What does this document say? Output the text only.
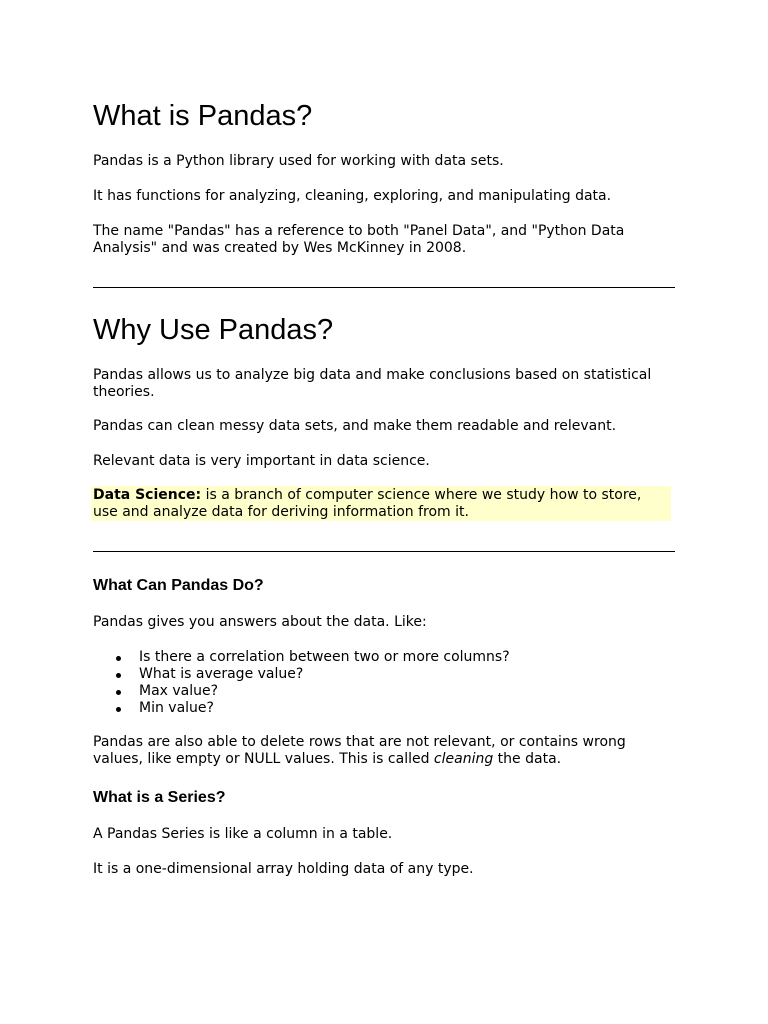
What is Pandas?

Pandas is a Python library used for working with data sets.

It has functions for analyzing, cleaning, exploring, and manipulating data.

The name "Pandas" has a reference to both "Panel Data", and "Python Data Analysis" and was created by Wes McKinney in 2008.

Why Use Pandas?

Pandas allows us to analyze big data and make conclusions based on statistical theories.

Pandas can clean messy data sets, and make them readable and relevant.

Relevant data is very important in data science.

Data Science: is a branch of computer science where we study how to store, use and analyze data for deriving information from it.
What Can Pandas Do?

Pandas gives you answers about the data. Like:

Is there a correlation between two or more columns?
What is average value?
Max value?
Min value?

Pandas are also able to delete rows that are not relevant, or contains wrong values, like empty or NULL values. This is called cleaning the data.

What is a Series?

A Pandas Series is like a column in a table.

It is a one-dimensional array holding data of any type.
